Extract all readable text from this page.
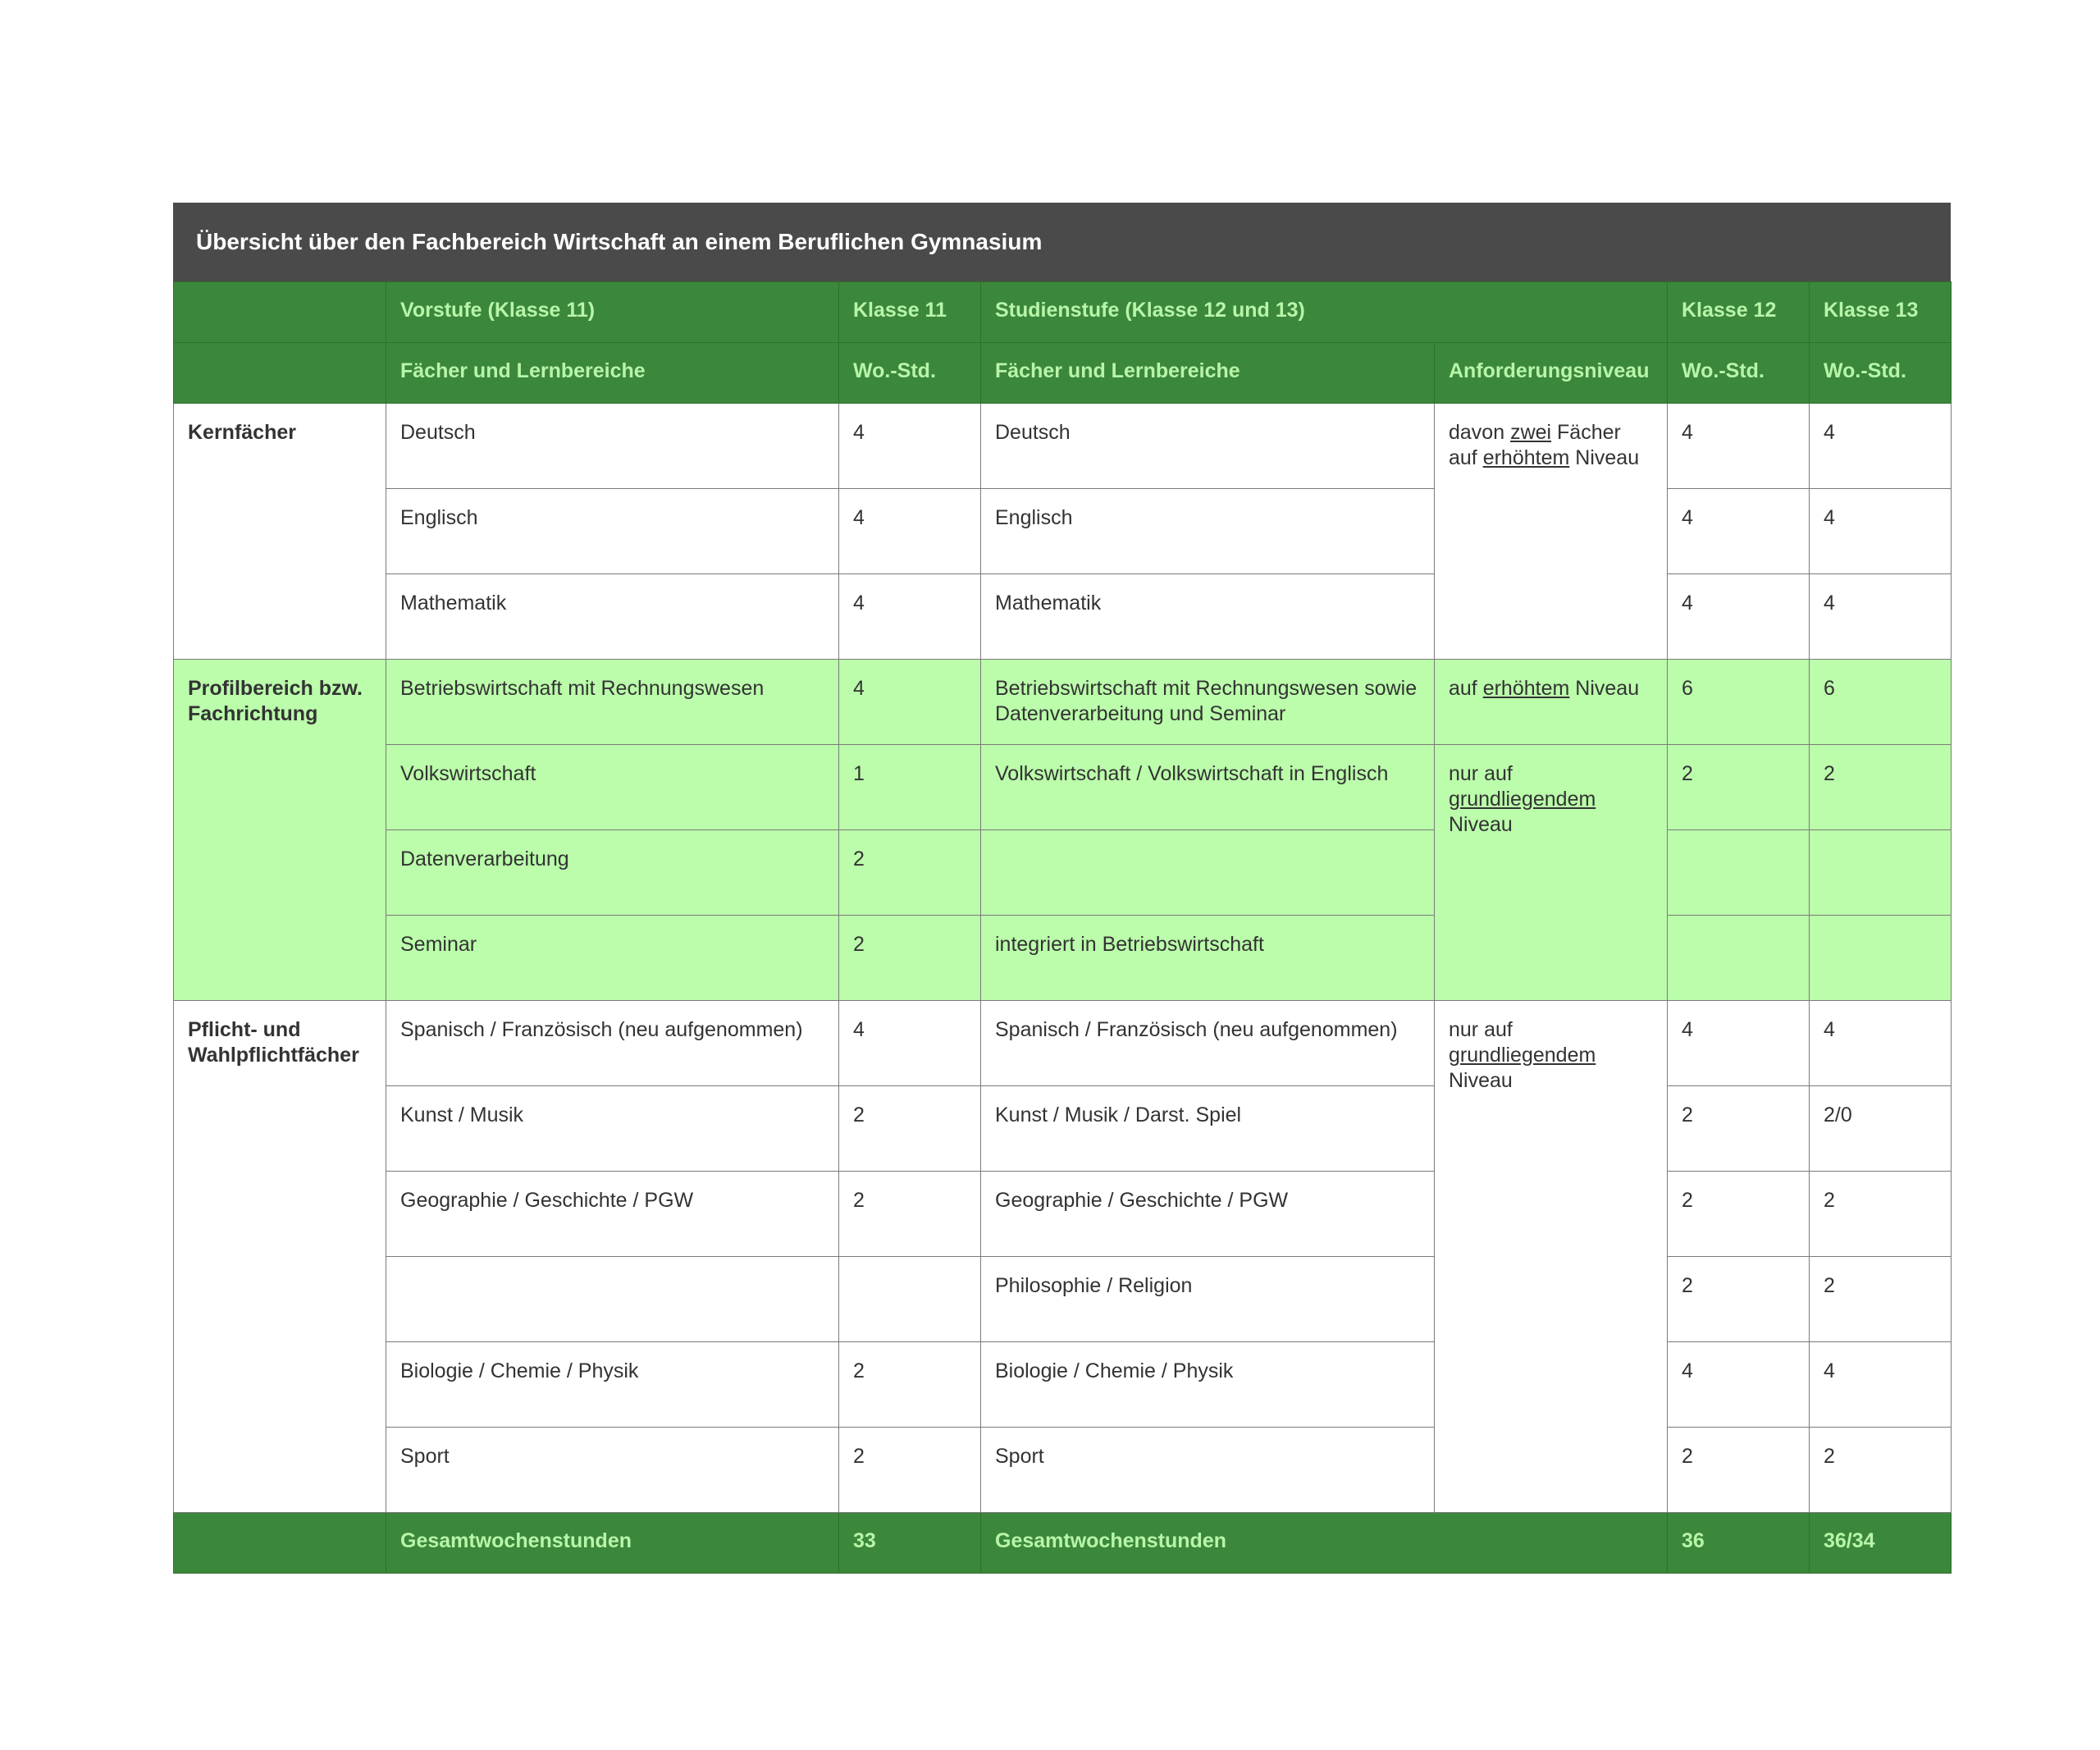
Übersicht über den Fachbereich Wirtschaft an einem Beruflichen Gymnasium
	Vorstufe (Klasse 11)	Klasse 11	Studienstufe (Klasse 12 und 13)		Klasse 12	Klasse 13
	Fächer und Lernbereiche	Wo.-Std.	Fächer und Lernbereiche	Anforderungsniveau	Wo.-Std.	Wo.-Std.
Kernfächer	Deutsch	4	Deutsch	davon zwei Fächer auf erhöhtem Niveau	4	4
	Englisch	4	Englisch		4	4
	Mathematik	4	Mathematik		4	4
Profilbereich bzw. Fachrichtung	Betriebswirtschaft mit Rechnungswesen	4	Betriebswirtschaft mit Rechnungswesen sowie Datenverarbeitung und Seminar	auf erhöhtem Niveau	6	6
	Volkswirtschaft	1	Volkswirtschaft / Volkswirtschaft in Englisch	nur auf grundliegendem Niveau	2	2
	Datenverarbeitung	2				
	Seminar	2	integriert in Betriebswirtschaft			
Pflicht- und Wahlpflichtfächer	Spanisch / Französisch (neu aufgenommen)	4	Spanisch / Französisch (neu aufgenommen)	nur auf grundliegendem Niveau	4	4
	Kunst / Musik	2	Kunst / Musik / Darst. Spiel		2	2/0
	Geographie / Geschichte / PGW	2	Geographie / Geschichte / PGW		2	2
			Philosophie / Religion		2	2
	Biologie / Chemie / Physik	2	Biologie / Chemie / Physik		4	4
	Sport	2	Sport		2	2
	Gesamtwochenstunden	33	Gesamtwochenstunden		36	36/34
